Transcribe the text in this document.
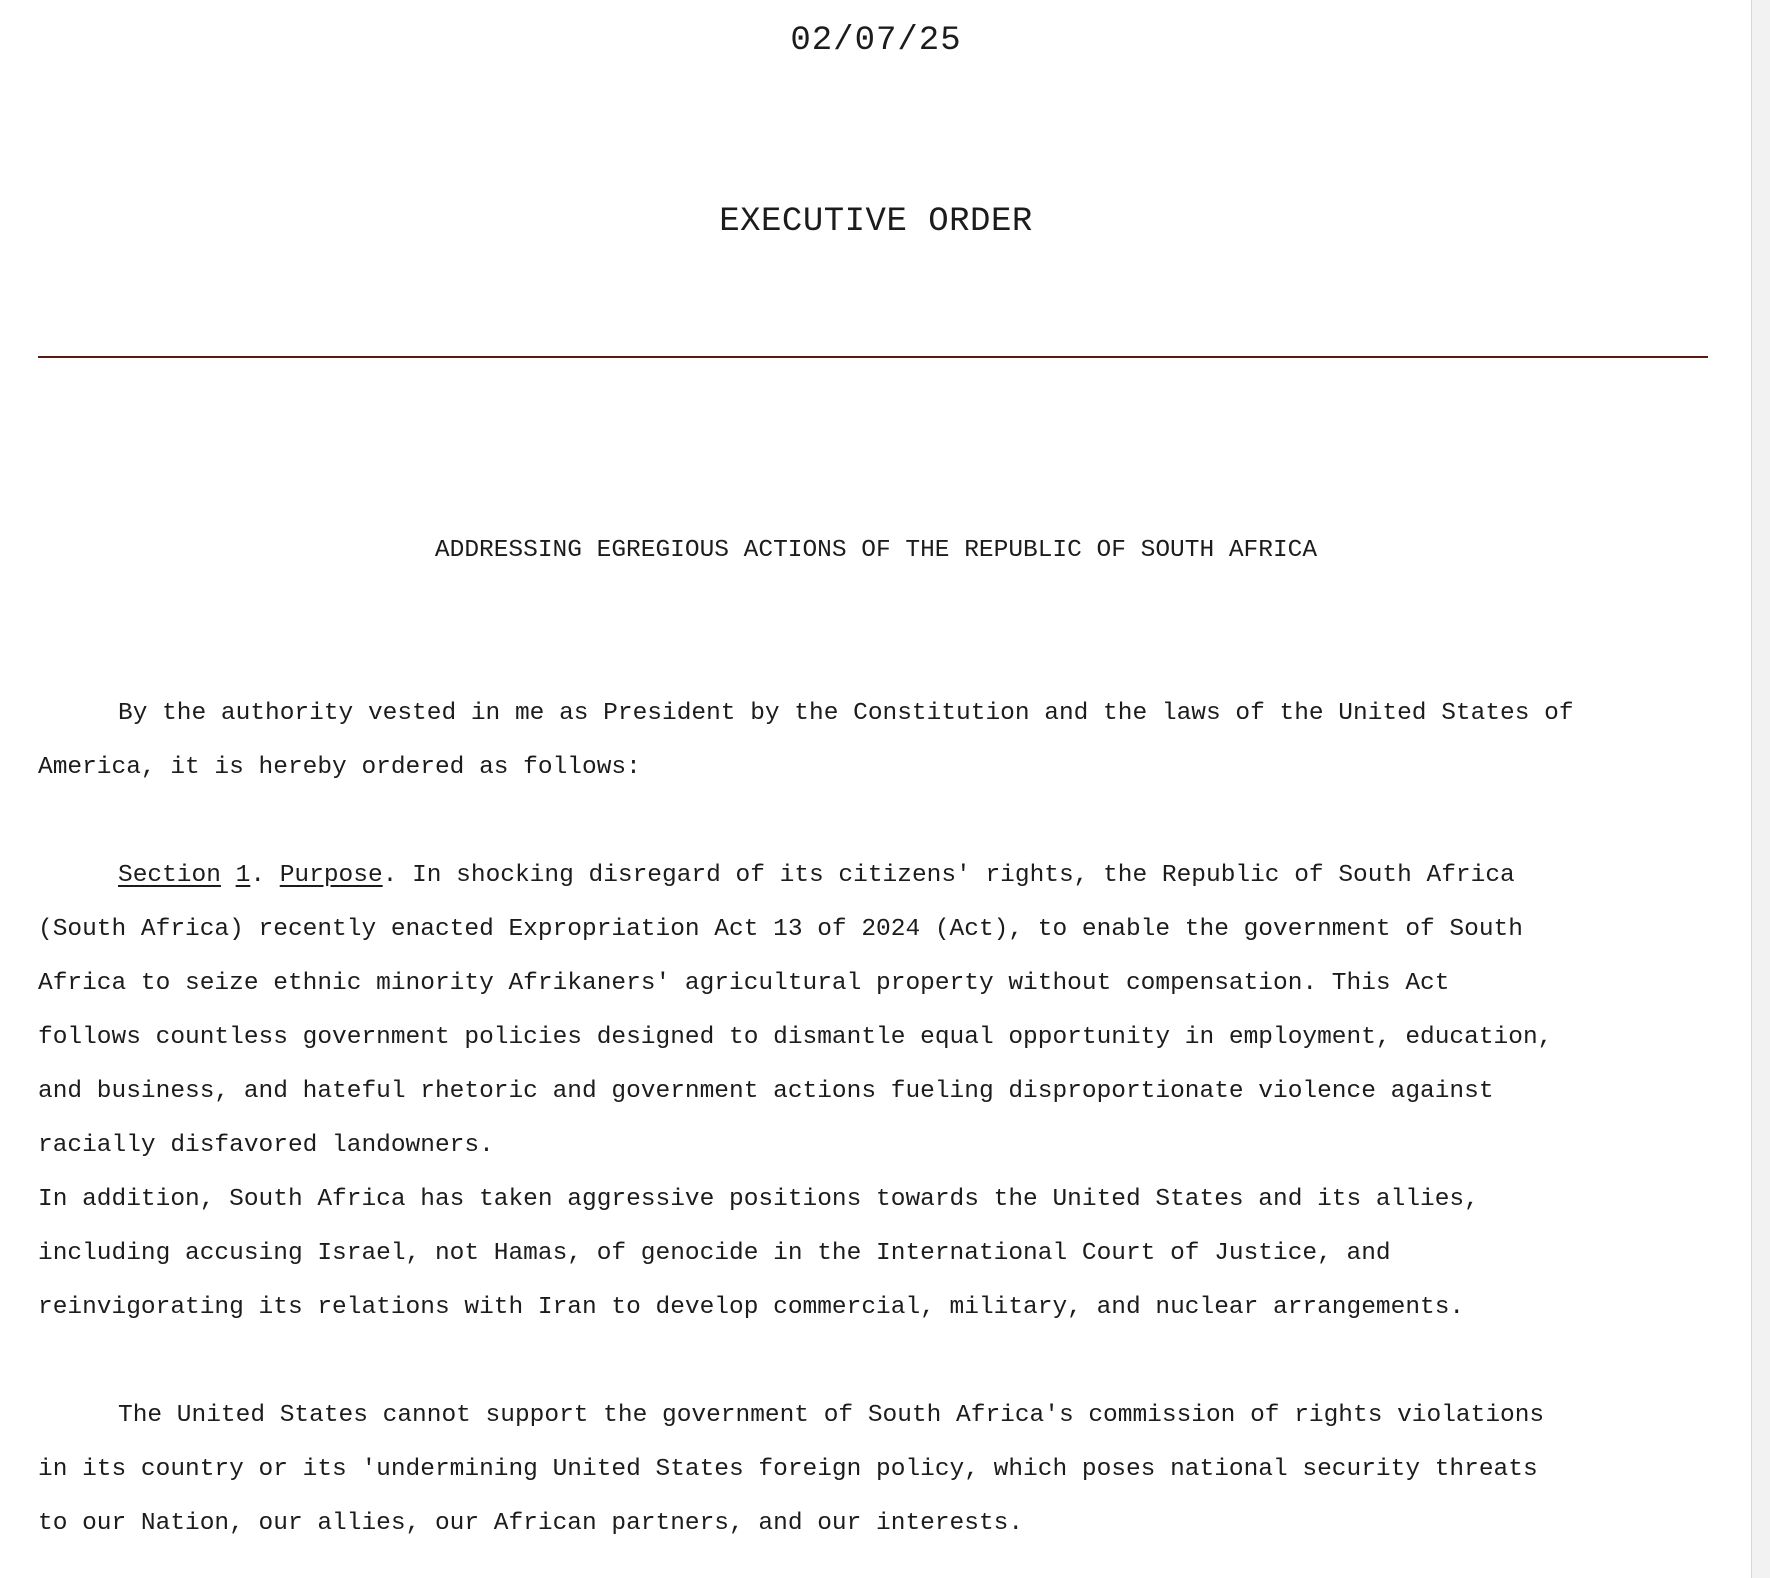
02/07/25
EXECUTIVE ORDER
ADDRESSING EGREGIOUS ACTIONS OF THE REPUBLIC OF SOUTH AFRICA
By the authority vested in me as President by the Constitution and the laws of the United States of
America, it is hereby ordered as follows:
Section 1. Purpose. In shocking disregard of its citizens' rights, the Republic of South Africa
(South Africa) recently enacted Expropriation Act 13 of 2024 (Act), to enable the government of South
Africa to seize ethnic minority Afrikaners' agricultural property without compensation. This Act
follows countless government policies designed to dismantle equal opportunity in employment, education,
and business, and hateful rhetoric and government actions fueling disproportionate violence against
racially disfavored landowners.
In addition, South Africa has taken aggressive positions towards the United States and its allies,
including accusing Israel, not Hamas, of genocide in the International Court of Justice, and
reinvigorating its relations with Iran to develop commercial, military, and nuclear arrangements.
The United States cannot support the government of South Africa's commission of rights violations
in its country or its 'undermining United States foreign policy, which poses national security threats
to our Nation, our allies, our African partners, and our interests.
